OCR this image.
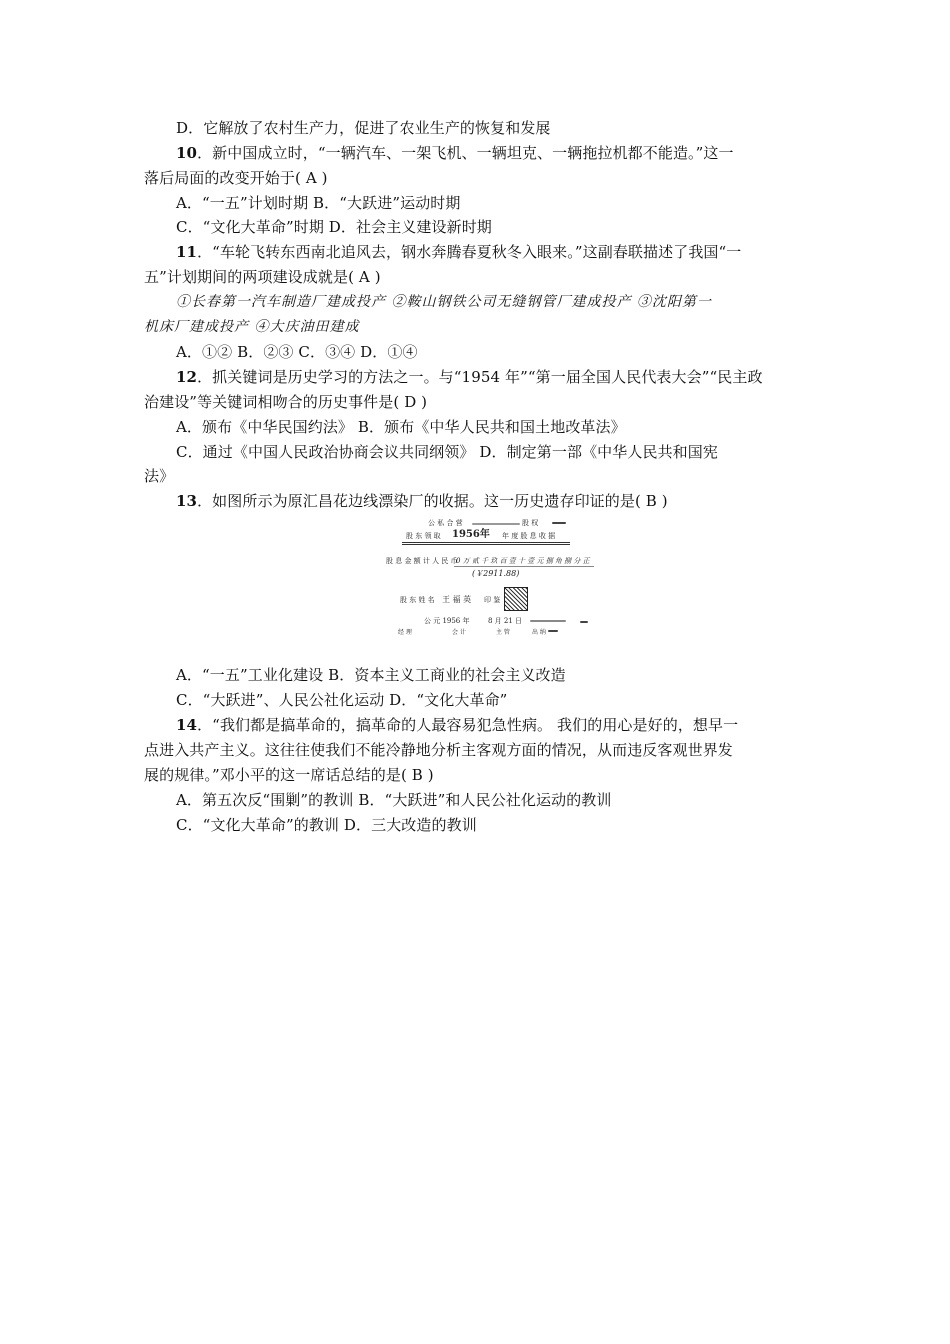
D．它解放了农村生产力，促进了农业生产的恢复和发展
10．新中国成立时，“一辆汽车、一架飞机、一辆坦克、一辆拖拉机都不能造。”这一
落后局面的改变开始于( A )
A．“一五”计划时期 B．“大跃进”运动时期
C．“文化大革命”时期 D．社会主义建设新时期
11．“车轮飞转东西南北追风去，钢水奔腾春夏秋冬入眼来。”这副春联描述了我国“一
五”计划期间的两项建设成就是( A )
①长春第一汽车制造厂建成投产 ②鞍山钢铁公司无缝钢管厂建成投产 ③沈阳第一
机床厂建成投产 ④大庆油田建成
A．①② B．②③ C．③④ D．①④
12．抓关键词是历史学习的方法之一。与“1954 年”“第一届全国人民代表大会”“民主政
治建设”等关键词相吻合的历史事件是( D )
A．颁布《中华民国约法》 B．颁布《中华人民共和国土地改革法》
C．通过《中国人民政治协商会议共同纲领》 D．制定第一部《中华人民共和国宪
法》
13．如图所示为原汇昌花边线漂染厂的收据。这一历史遗存印证的是( B )
公 私 合 营	股 权
股 东 领 取 1956年 年 度 股 息 收 据
股 息 金 额 计 人 民 币
0 万 贰 千 玖 百 壹 十 壹 元 捌 角 捌 分 正
(￥2911.88)
股 东 姓 名 王 福 英 印 鉴
公 元 1956 年	8 月 21 日
经 理	会 计	主 管	出 纳
A．“一五”工业化建设 B．资本主义工商业的社会主义改造
C．“大跃进”、人民公社化运动 D．“文化大革命”
14．“我们都是搞革命的，搞革命的人最容易犯急性病。 我们的用心是好的，想早一
点进入共产主义。这往往使我们不能冷静地分析主客观方面的情况，从而违反客观世界发
展的规律。”邓小平的这一席话总结的是( B )
A．第五次反“围剿”的教训 B．“大跃进”和人民公社化运动的教训
C．“文化大革命”的教训 D．三大改造的教训
